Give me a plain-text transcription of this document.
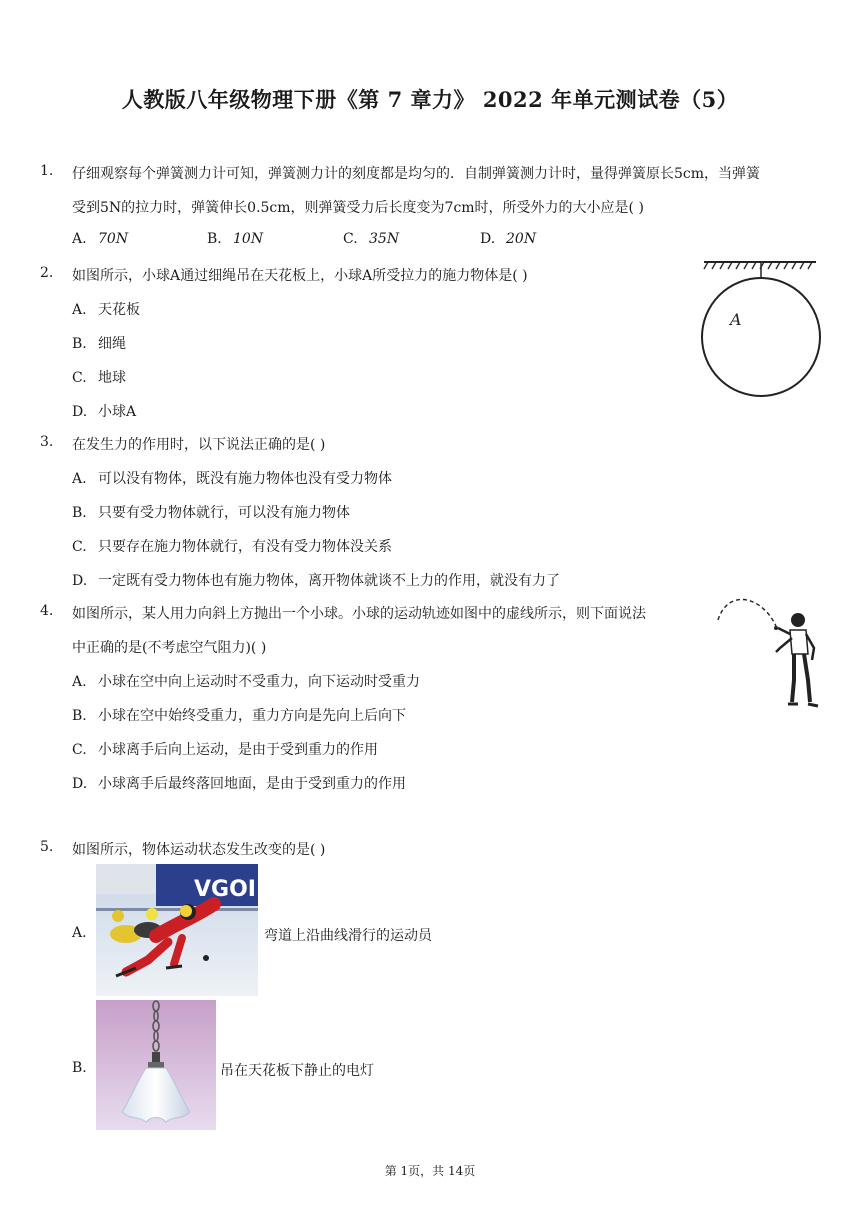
人教版八年级物理下册《第 7 章力》 2022 年单元测试卷（5）
1. 仔细观察每个弹簧测力计可知，弹簧测力计的刻度都是均匀的．自制弹簧测力计时，量得弹簧原长5cm，当弹簧
受到5N的拉力时，弹簧伸长0.5cm，则弹簧受力后长度变为7cm时，所受外力的大小应是( )
A. 70N	B. 10N	C. 35N	D. 20N
2. 如图所示，小球A通过细绳吊在天花板上，小球A所受拉力的施力物体是( )
A. 天花板
B. 细绳
C. 地球
D. 小球A
A
3. 在发生力的作用时，以下说法正确的是( )
A. 可以没有物体，既没有施力物体也没有受力物体
B. 只要有受力物体就行，可以没有施力物体
C. 只要存在施力物体就行，有没有受力物体没关系
D. 一定既有受力物体也有施力物体，离开物体就谈不上力的作用，就没有力了
4. 如图所示，某人用力向斜上方抛出一个小球。小球的运动轨迹如图中的虚线所示，则下面说法
中正确的是(不考虑空气阻力)( )
A. 小球在空中向上运动时不受重力，向下运动时受重力
B. 小球在空中始终受重力，重力方向是先向上后向下
C. 小球离手后向上运动，是由于受到重力的作用
D. 小球离手后最终落回地面，是由于受到重力的作用
5. 如图所示，物体运动状态发生改变的是( )
A.
VGOI
弯道上沿曲线滑行的运动员
B.	吊在天花板下静止的电灯
第 1页，共 14页
